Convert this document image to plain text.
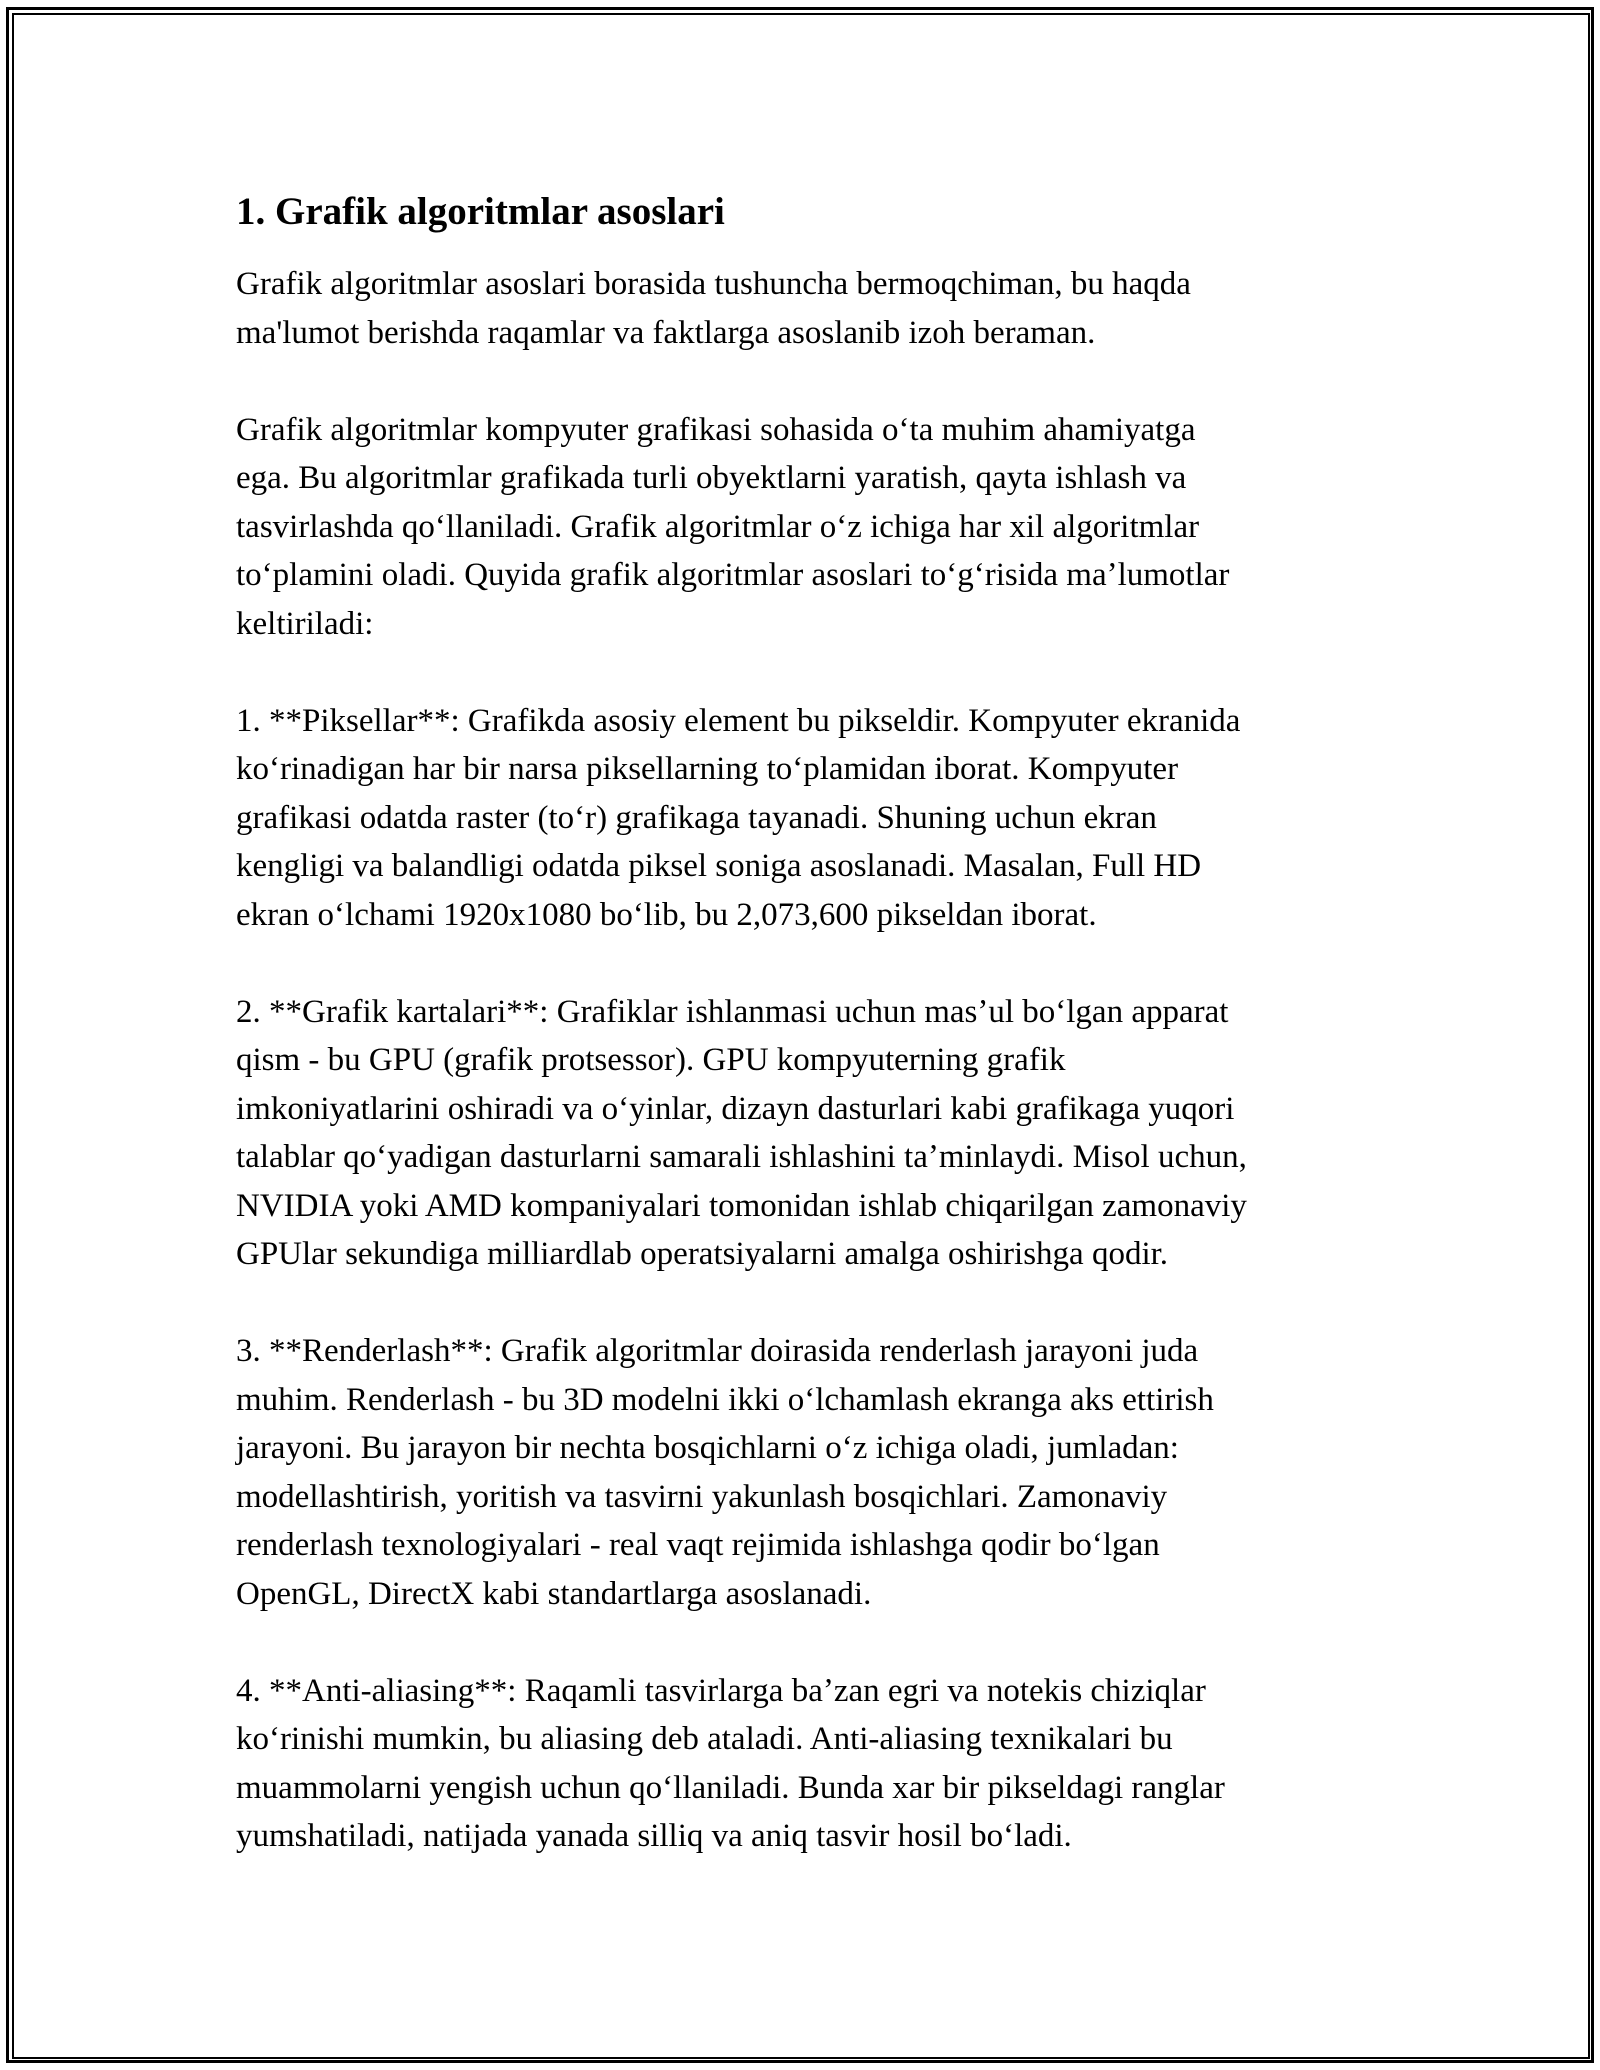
1. Grafik algoritmlar asoslari

Grafik algoritmlar asoslari borasida tushuncha bermoqchiman, bu haqda
ma'lumot berishda raqamlar va faktlarga asoslanib izoh beraman.

Grafik algoritmlar kompyuter grafikasi sohasida oʻta muhim ahamiyatga
ega. Bu algoritmlar grafikada turli obyektlarni yaratish, qayta ishlash va
tasvirlashda qoʻllaniladi. Grafik algoritmlar oʻz ichiga har xil algoritmlar
toʻplamini oladi. Quyida grafik algoritmlar asoslari toʻgʻrisida maʼlumotlar
keltiriladi:

1. **Piksellar**: Grafikda asosiy element bu pikseldir. Kompyuter ekranida
koʻrinadigan har bir narsa piksellarning toʻplamidan iborat. Kompyuter
grafikasi odatda raster (toʻr) grafikaga tayanadi. Shuning uchun ekran
kengligi va balandligi odatda piksel soniga asoslanadi. Masalan, Full HD
ekran oʻlchami 1920x1080 boʻlib, bu 2,073,600 pikseldan iborat.

2. **Grafik kartalari**: Grafiklar ishlanmasi uchun masʼul boʻlgan apparat
qism - bu GPU (grafik protsessor). GPU kompyuterning grafik
imkoniyatlarini oshiradi va oʻyinlar, dizayn dasturlari kabi grafikaga yuqori
talablar qoʻyadigan dasturlarni samarali ishlashini taʼminlaydi. Misol uchun,
NVIDIA yoki AMD kompaniyalari tomonidan ishlab chiqarilgan zamonaviy
GPUlar sekundiga milliardlab operatsiyalarni amalga oshirishga qodir.

3. **Renderlash**: Grafik algoritmlar doirasida renderlash jarayoni juda
muhim. Renderlash - bu 3D modelni ikki oʻlchamlash ekranga aks ettirish
jarayoni. Bu jarayon bir nechta bosqichlarni oʻz ichiga oladi, jumladan:
modellashtirish, yoritish va tasvirni yakunlash bosqichlari. Zamonaviy
renderlash texnologiyalari - real vaqt rejimida ishlashga qodir boʻlgan
OpenGL, DirectX kabi standartlarga asoslanadi.

4. **Anti-aliasing**: Raqamli tasvirlarga baʼzan egri va notekis chiziqlar
koʻrinishi mumkin, bu aliasing deb ataladi. Anti-aliasing texnikalari bu
muammolarni yengish uchun qoʻllaniladi. Bunda xar bir pikseldagi ranglar
yumshatiladi, natijada yanada silliq va aniq tasvir hosil boʻladi.
